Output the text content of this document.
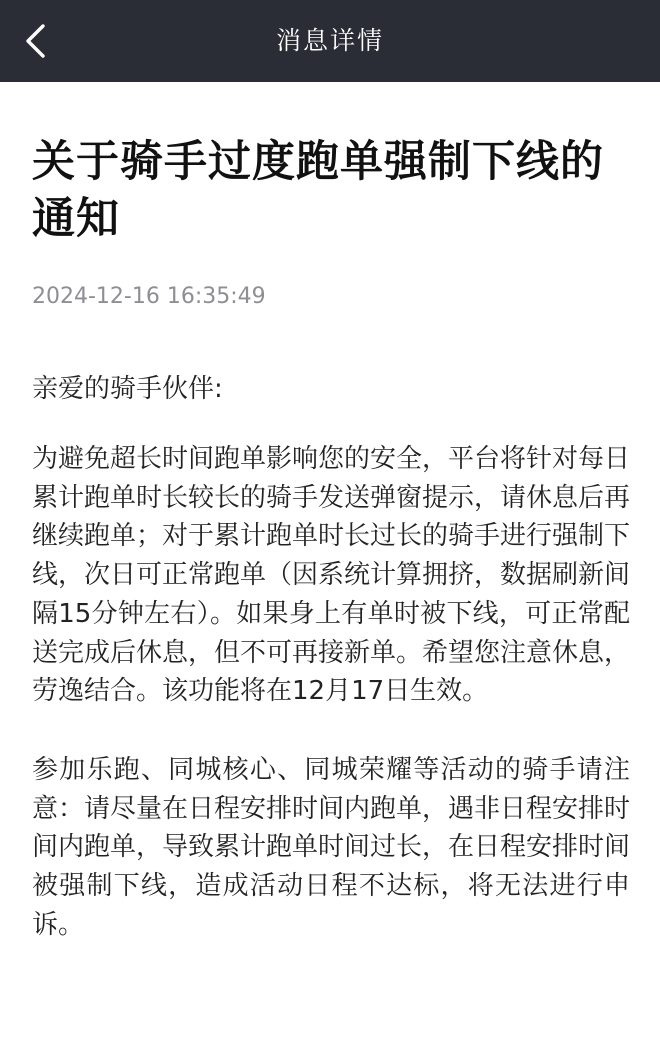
消息详情
关于骑手过度跑单强制下线的通知
2024-12-16 16:35:49
亲爱的骑手伙伴:

为避免超长时间跑单影响您的安全，平台将针对每日累计跑单时长较长的骑手发送弹窗提示，请休息后再继续跑单；对于累计跑单时长过长的骑手进行强制下线，次日可正常跑单（因系统计算拥挤，数据刷新间隔15分钟左右）。如果身上有单时被下线，可正常配送完成后休息，但不可再接新单。希望您注意休息，劳逸结合。该功能将在12月17日生效。

参加乐跑、同城核心、同城荣耀等活动的骑手请注意：请尽量在日程安排时间内跑单，遇非日程安排时间内跑单，导致累计跑单时间过长，在日程安排时间被强制下线，造成活动日程不达标，将无法进行申诉。
